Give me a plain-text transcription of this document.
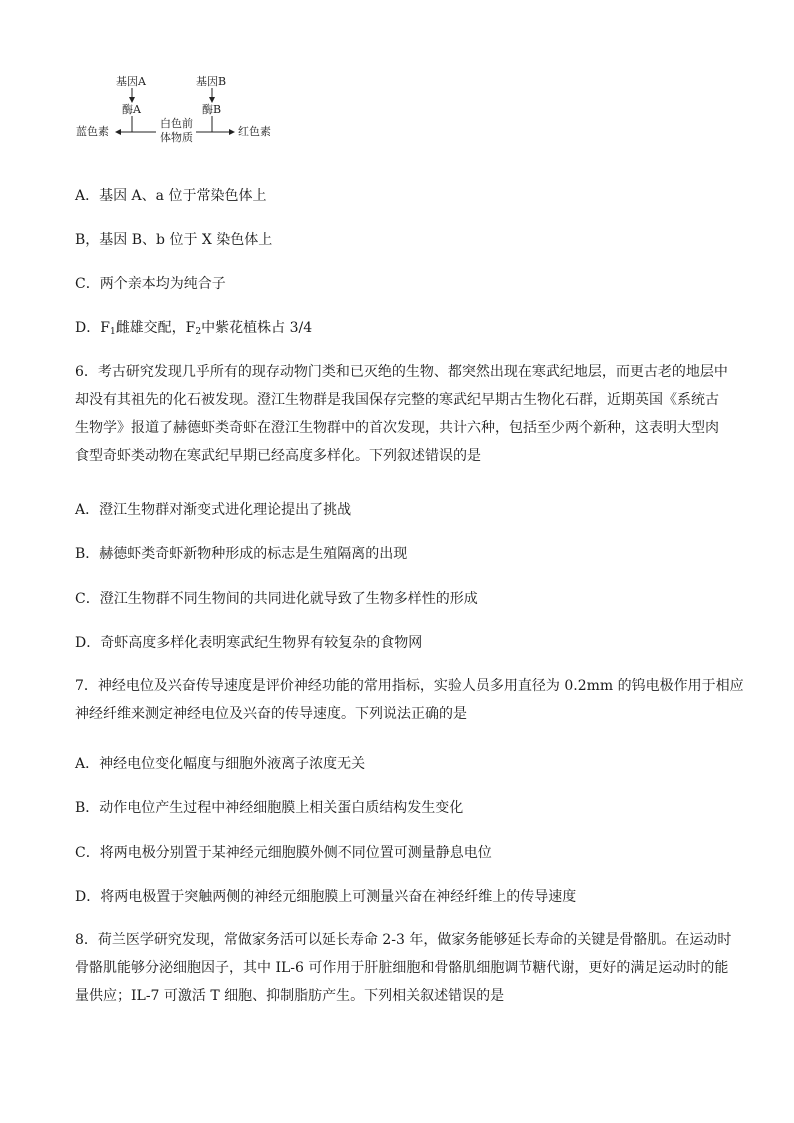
基因A
酶A
基因B
酶B
白色前
体物质
蓝色素	红色素
A．基因 A、a 位于常染色体上
B，基因 B、b 位于 X 染色体上
C．两个亲本均为纯合子
D．$F_1$雌雄交配，$F_2$中紫花植株占 3/4
6．考古研究发现几乎所有的现存动物门类和已灭绝的生物、都突然出现在寒武纪地层，而更古老的地层中
却没有其祖先的化石被发现。澄江生物群是我国保存完整的寒武纪早期古生物化石群，近期英国《系统古
生物学》报道了赫德虾类奇虾在澄江生物群中的首次发现，共计六种，包括至少两个新种，这表明大型肉
食型奇虾类动物在寒武纪早期已经高度多样化。下列叙述错误的是
A．澄江生物群对渐变式进化理论提出了挑战
B．赫德虾类奇虾新物种形成的标志是生殖隔离的出现
C．澄江生物群不同生物间的共同进化就导致了生物多样性的形成
D．奇虾高度多样化表明寒武纪生物界有较复杂的食物网
7．神经电位及兴奋传导速度是评价神经功能的常用指标，实验人员多用直径为 0.2mm 的钨电极作用于相应
神经纤维来测定神经电位及兴奋的传导速度。下列说法正确的是
A．神经电位变化幅度与细胞外液离子浓度无关
B．动作电位产生过程中神经细胞膜上相关蛋白质结构发生变化
C．将两电极分别置于某神经元细胞膜外侧不同位置可测量静息电位
D．将两电极置于突触两侧的神经元细胞膜上可测量兴奋在神经纤维上的传导速度
8．荷兰医学研究发现，常做家务活可以延长寿命 2-3 年，做家务能够延长寿命的关键是骨骼肌。在运动时
骨骼肌能够分泌细胞因子，其中 IL-6 可作用于肝脏细胞和骨骼肌细胞调节糖代谢，更好的满足运动时的能
量供应；IL-7 可激活 T 细胞、抑制脂肪产生。下列相关叙述错误的是
